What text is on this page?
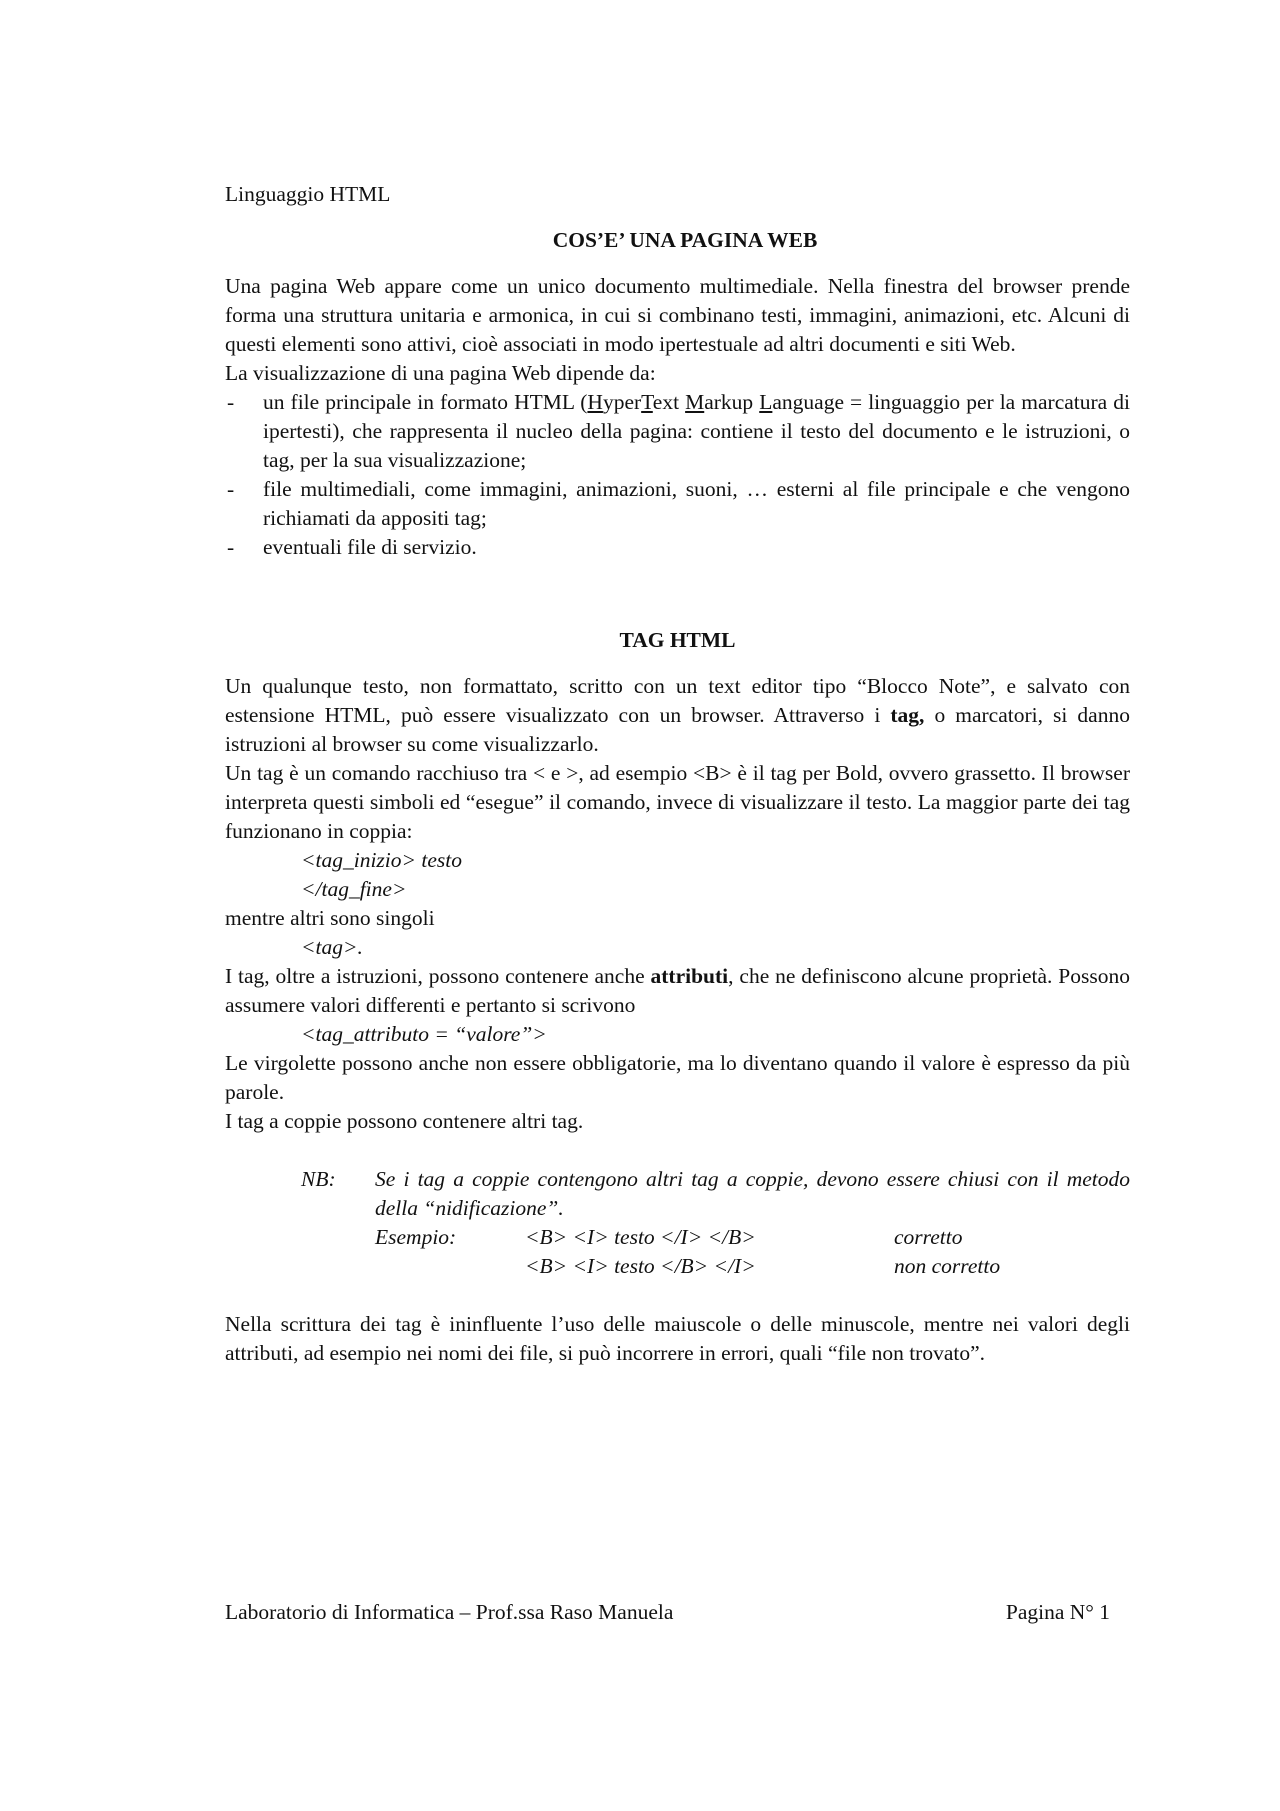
Linguaggio HTML
COS’E’ UNA PAGINA WEB

Una pagina Web appare come un unico documento multimediale. Nella finestra del browser prende forma una struttura unitaria e armonica, in cui si combinano testi, immagini, animazioni, etc. Alcuni di questi elementi sono attivi, cioè associati in modo ipertestuale ad altri documenti e siti Web.

La visualizzazione di una pagina Web dipende da:

- un file principale in formato HTML (HyperText Markup Language = linguaggio per la marcatura di ipertesti), che rappresenta il nucleo della pagina: contiene il testo del documento e le istruzioni, o tag, per la sua visualizzazione;
- file multimediali, come immagini, animazioni, suoni, … esterni al file principale e che vengono richiamati da appositi tag;
- eventuali file di servizio.
TAG HTML

Un qualunque testo, non formattato, scritto con un text editor tipo “Blocco Note”, e salvato con estensione HTML, può essere visualizzato con un browser. Attraverso i tag, o marcatori, si danno istruzioni al browser su come visualizzarlo.

Un tag è un comando racchiuso tra < e >, ad esempio <B> è il tag per Bold, ovvero grassetto. Il browser interpreta questi simboli ed “esegue” il comando, invece di visualizzare il testo. La maggior parte dei tag funzionano in coppia:

<tag_inizio> testo
</tag_fine>

mentre altri sono singoli

<tag>.

I tag, oltre a istruzioni, possono contenere anche attributi, che ne definiscono alcune proprietà. Possono assumere valori differenti e pertanto si scrivono

<tag_attributo = “valore”>

Le virgolette possono anche non essere obbligatorie, ma lo diventano quando il valore è espresso da più parole.

I tag a coppie possono contenere altri tag.

NB:	Se i tag a coppie contengono altri tag a coppie, devono essere chiusi con il metodo della “nidificazione”.
Esempio:	<B> <I> testo </I> </B>	corretto
<B> <I> testo </B> </I>	non corretto

Nella scrittura dei tag è ininfluente l’uso delle maiuscole o delle minuscole, mentre nei valori degli attributi, ad esempio nei nomi dei file, si può incorrere in errori, quali “file non trovato”.

Laboratorio di Informatica – Prof.ssa Raso Manuela	Pagina N° 1
